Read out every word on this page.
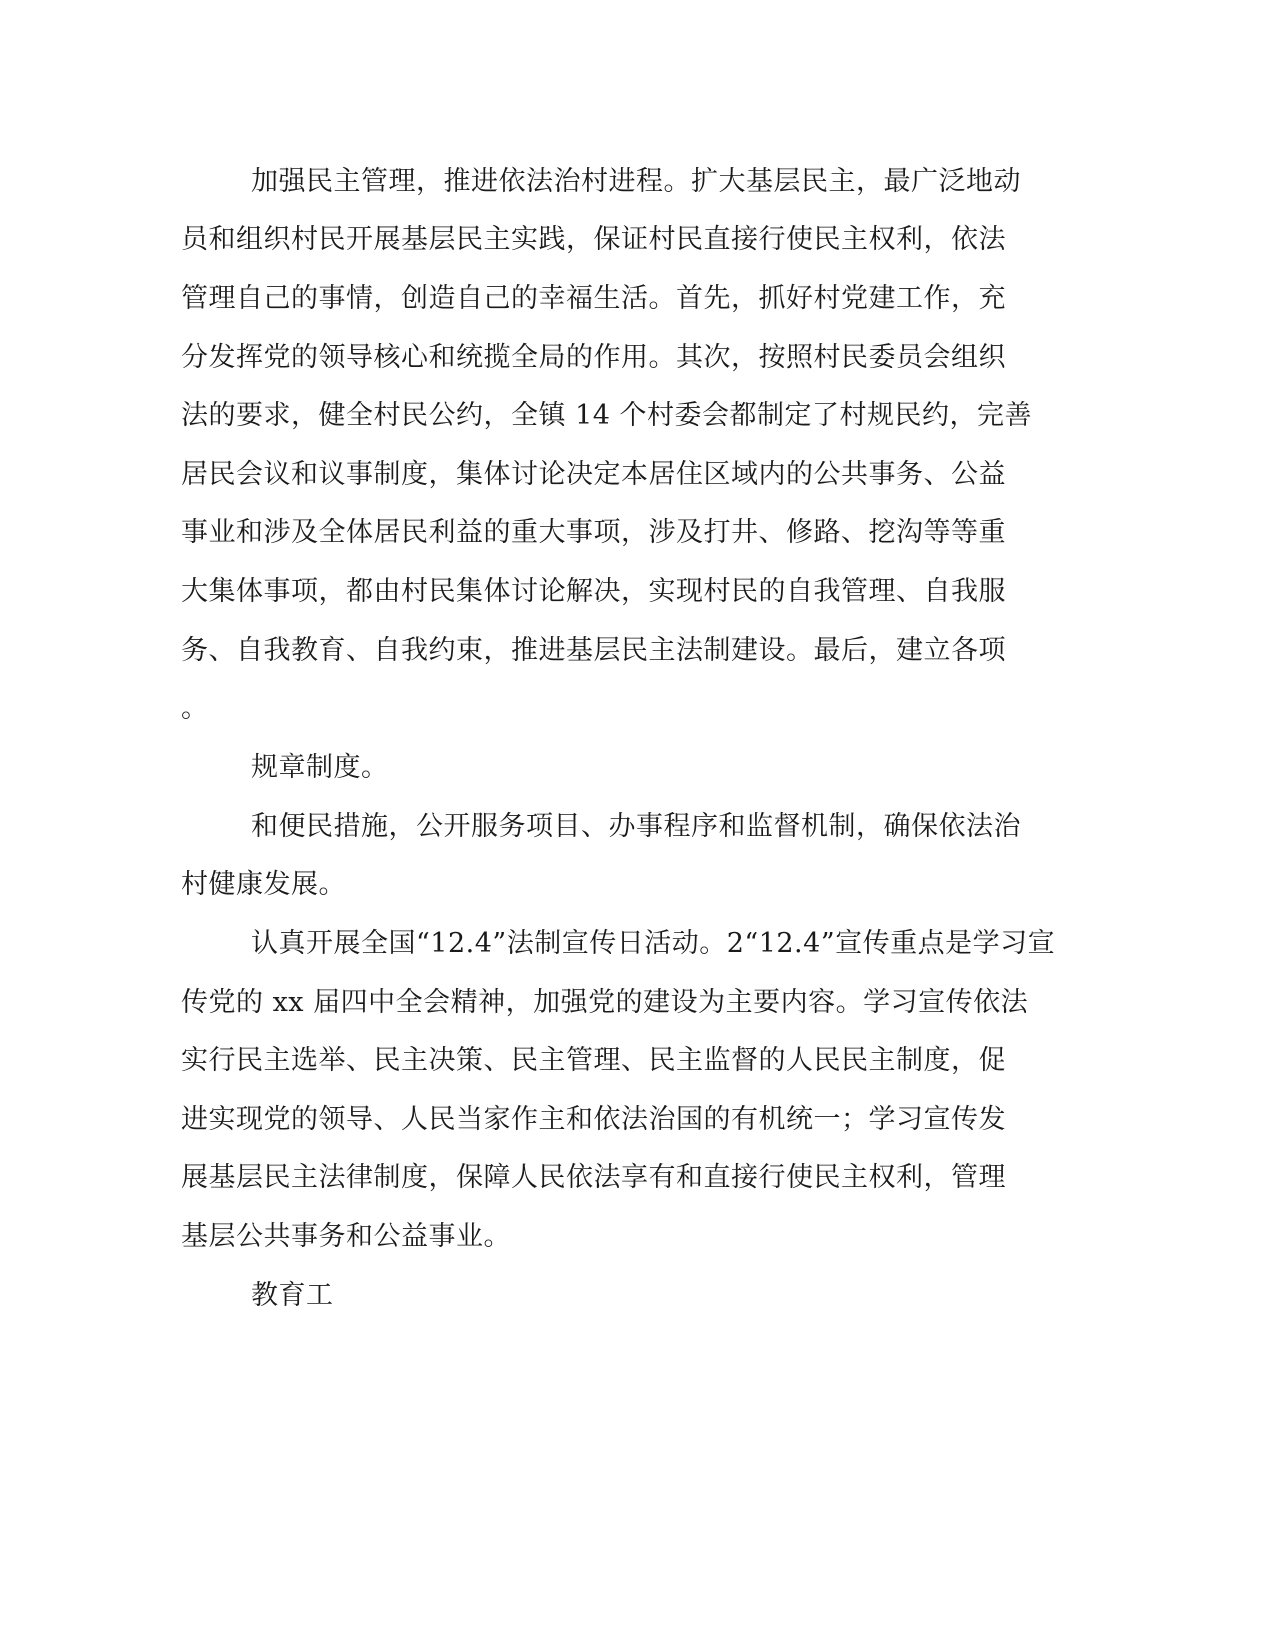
加强民主管理，推进依法治村进程。扩大基层民主，最广泛地动
员和组织村民开展基层民主实践，保证村民直接行使民主权利，依法
管理自己的事情，创造自己的幸福生活。首先，抓好村党建工作，充
分发挥党的领导核心和统揽全局的作用。其次，按照村民委员会组织
法的要求，健全村民公约，全镇 14 个村委会都制定了村规民约，完善
居民会议和议事制度，集体讨论决定本居住区域内的公共事务、公益
事业和涉及全体居民利益的重大事项，涉及打井、修路、挖沟等等重
大集体事项，都由村民集体讨论解决，实现村民的自我管理、自我服
务、自我教育、自我约束，推进基层民主法制建设。最后，建立各项
。
规章制度。
和便民措施，公开服务项目、办事程序和监督机制，确保依法治
村健康发展。
认真开展全国“12.4”法制宣传日活动。2“12.4”宣传重点是学习宣
传党的 xx 届四中全会精神，加强党的建设为主要内容。学习宣传依法
实行民主选举、民主决策、民主管理、民主监督的人民民主制度，促
进实现党的领导、人民当家作主和依法治国的有机统一；学习宣传发
展基层民主法律制度，保障人民依法享有和直接行使民主权利，管理
基层公共事务和公益事业。
教育工
